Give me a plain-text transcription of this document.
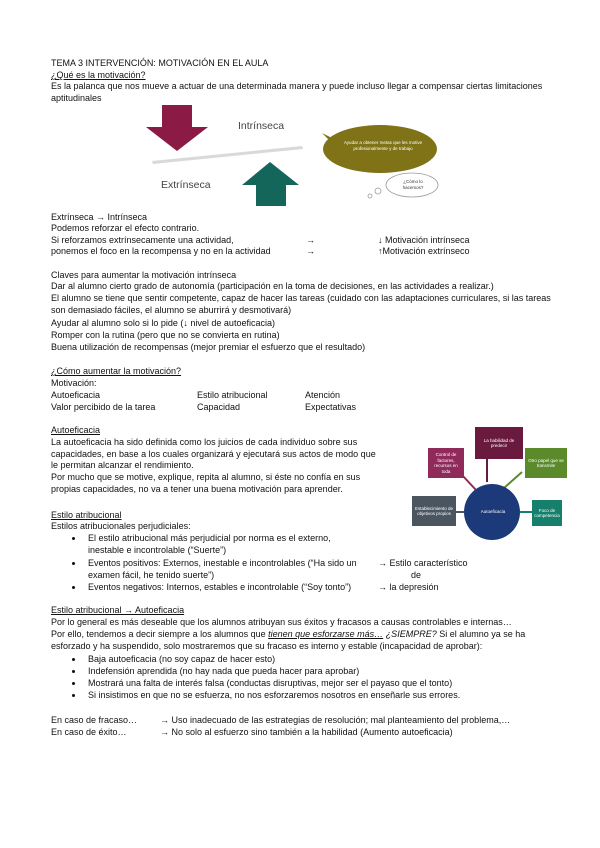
TEMA 3 INTERVENCIÓN: MOTIVACIÓN EN EL AULA
¿Qué es la motivación?
Es la palanca que nos mueve a actuar de una determinada manera y puede incluso llegar a compensar ciertas limitaciones aptitudinales
Intrínseca
Extrínseca
Ayudar a obtener metas que les motive profesionalmente y de trabajo
¿Cómo lo hacemos?
Extrínseca → Intrínseca
Podemos reforzar el efecto contrario.
Si reforzamos extrínsecamente una actividad,	→	↓ Motivación intrínseca
ponemos el foco en la recompensa y no en la actividad	→	↑Motivación extrínseco
Claves para aumentar la motivación intrínseca
Dar al alumno cierto grado de autonomía (participación en la toma de decisiones, en las actividades a realizar.)
El alumno se tiene que sentir competente, capaz de hacer las tareas (cuidado con las adaptaciones curriculares, si las tareas son demasiado fáciles, el alumno se aburrirá y desmotivará)
Ayudar al alumno solo si lo pide (↓ nivel de autoeficacia)
Romper con la rutina (pero que no se convierta en rutina)
Buena utilización de recompensas (mejor premiar el esfuerzo que el resultado)
¿Cómo aumentar la motivación?
Motivación:
Autoeficacia	Estilo atribucional	Atención
Valor percibido de la tarea	Capacidad	Expectativas
Autoeficacia
La autoeficacia ha sido definida como los juicios de cada individuo sobre sus capacidades, en base a los cuales organizará y ejecutará sus actos de modo que le permitan alcanzar el rendimiento.
Por mucho que se motive, explique, repita al alumno, si éste no confía en sus propias capacidades, no va a tener una buena motivación para aprender.
Autoeficacia
La habilidad de predecir
Control de factores, recursos en toda
Otro papel que se transmite
Establecimiento de objetivos propios
Foco de competencia
Estilo atribucional
Estilos atribucionales perjudiciales:
El estilo atribucional más perjudicial por norma es el externo, inestable e incontrolable (“Suerte”)
Eventos positivos: Externos, inestable e incontrolables (“Ha sido un examen fácil, he tenido suerte”)
→ Estilo característico
de
Eventos negativos: Internos, estables e incontrolable (“Soy tonto”)	→ la depresión
Estilo atribucional → Autoeficacia
Por lo general es más deseable que los alumnos atribuyan sus éxitos y fracasos a causas controlables e internas…
Por ello, tendemos a decir siempre a los alumnos que tienen que esforzarse más… ¿SIEMPRE? Si el alumno ya se ha esforzado y ha suspendido, solo mostraremos que su fracaso es interno y estable (incapacidad de aprobar):
Baja autoeficacia (no soy capaz de hacer esto)
Indefensión aprendida (no hay nada que pueda hacer para aprobar)
Mostrará una falta de interés falsa (conductas disruptivas, mejor ser el payaso que el tonto)
Si insistimos en que no se esfuerza, no nos esforzaremos nosotros en enseñarle sus errores.
En caso de fracaso…	→ Uso inadecuado de las estrategias de resolución; mal planteamiento del problema,…
En caso de éxito…	→ No solo al esfuerzo sino también a la habilidad (Aumento autoeficacia)
